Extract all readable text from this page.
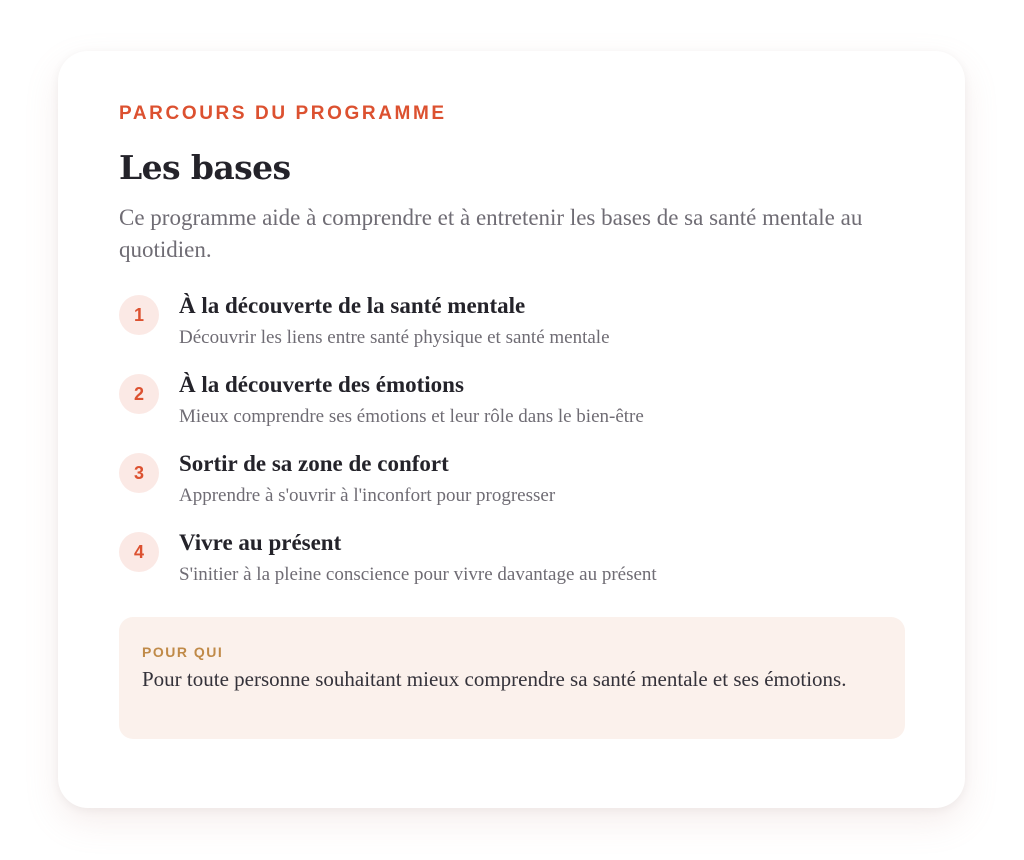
PARCOURS DU PROGRAMME
Les bases

Ce programme aide à comprendre et à entretenir les bases de sa santé mentale au quotidien.

1	À la découverte de la santé mentale
Découvrir les liens entre santé physique et santé mentale
2	À la découverte des émotions
Mieux comprendre ses émotions et leur rôle dans le bien-être
3	Sortir de sa zone de confort
Apprendre à s'ouvrir à l'inconfort pour progresser
4	Vivre au présent
S'initier à la pleine conscience pour vivre davantage au présent
POUR QUI

Pour toute personne souhaitant mieux comprendre sa santé mentale et ses émotions.
